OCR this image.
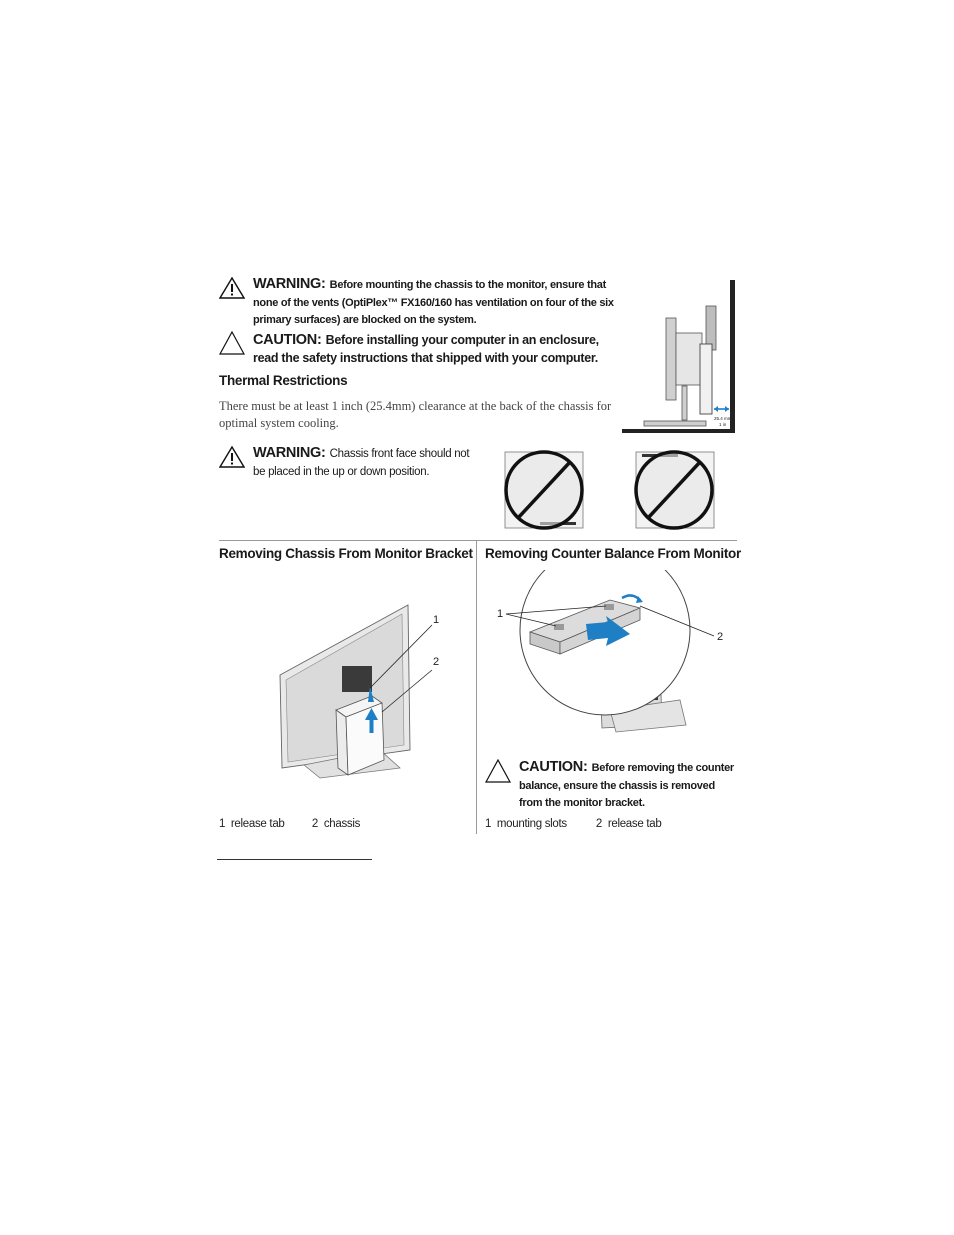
WARNING: Before mounting the chassis to the monitor, ensure that none of the vents (OptiPlex™ FX160/160 has ventilation on four of the six primary surfaces) are blocked on the system.
CAUTION: Before installing your computer in an enclosure, read the safety instructions that shipped with your computer.
Thermal Restrictions
There must be at least 1 inch (25.4mm) clearance at the back of the chassis for optimal system cooling.	25.4 mm
1 in
WARNING: Chassis front face should not be placed in the up or down position.
Removing Chassis From Monitor Bracket
1
2
1 release tab 2 chassis
Removing Counter Balance From Monitor
1
2
CAUTION: Before removing the counter balance, ensure the chassis is removed from the monitor bracket.
1 mounting slots	2 release tab
